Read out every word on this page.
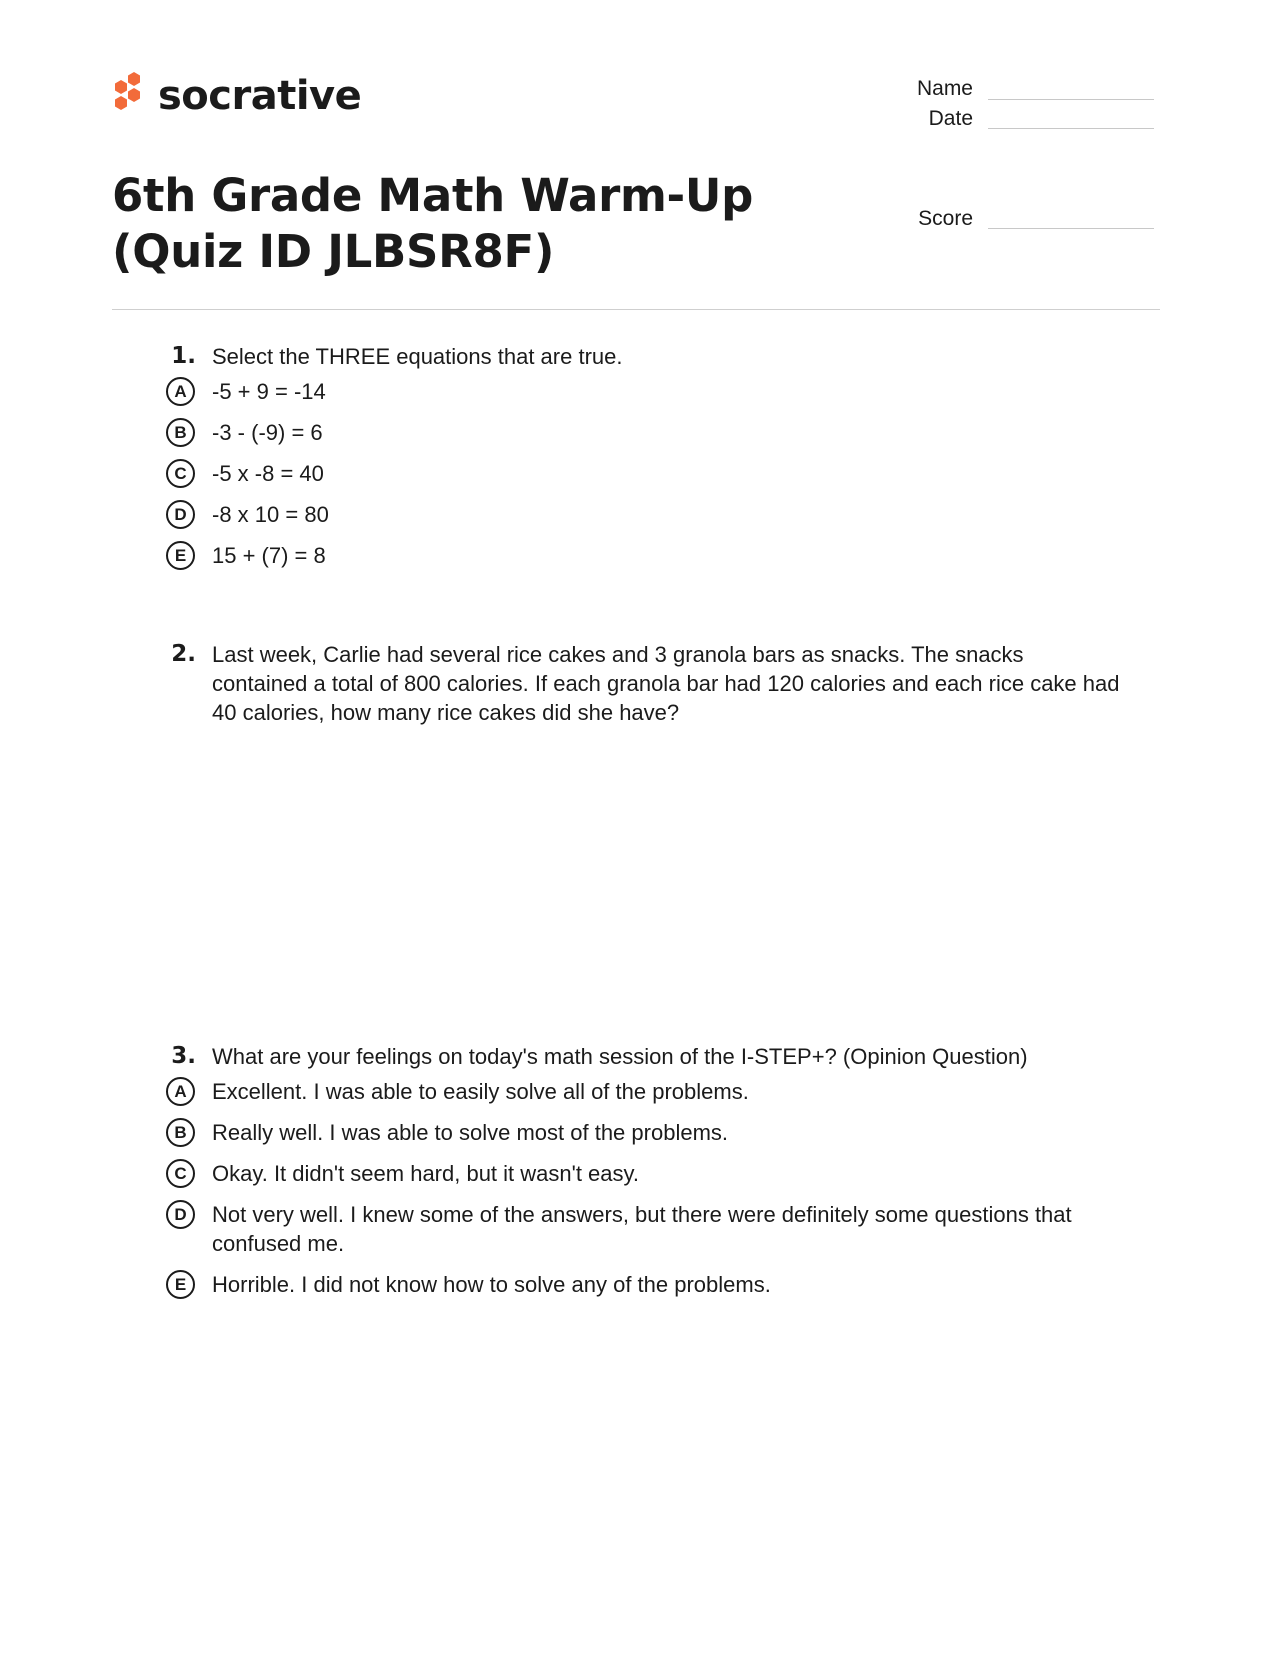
socrative	Name
Date
Score
6th Grade Math Warm-Up (Quiz ID JLBSR8F)
1. Select the THREE equations that are true.
A	-5 + 9 = -14
B	-3 - (-9) = 6
C	-5 x -8 = 40
D	-8 x 10 = 80
E	15 + (7) = 8
2. Last week, Carlie had several rice cakes and 3 granola bars as snacks. The snacks contained a total of 800 calories. If each granola bar had 120 calories and each rice cake had 40 calories, how many rice cakes did she have?
3. What are your feelings on today's math session of the I-STEP+? (Opinion Question)
A	Excellent. I was able to easily solve all of the problems.
B	Really well. I was able to solve most of the problems.
C	Okay. It didn't seem hard, but it wasn't easy.
D	Not very well. I knew some of the answers, but there were definitely some questions that confused me.
E	Horrible. I did not know how to solve any of the problems.
